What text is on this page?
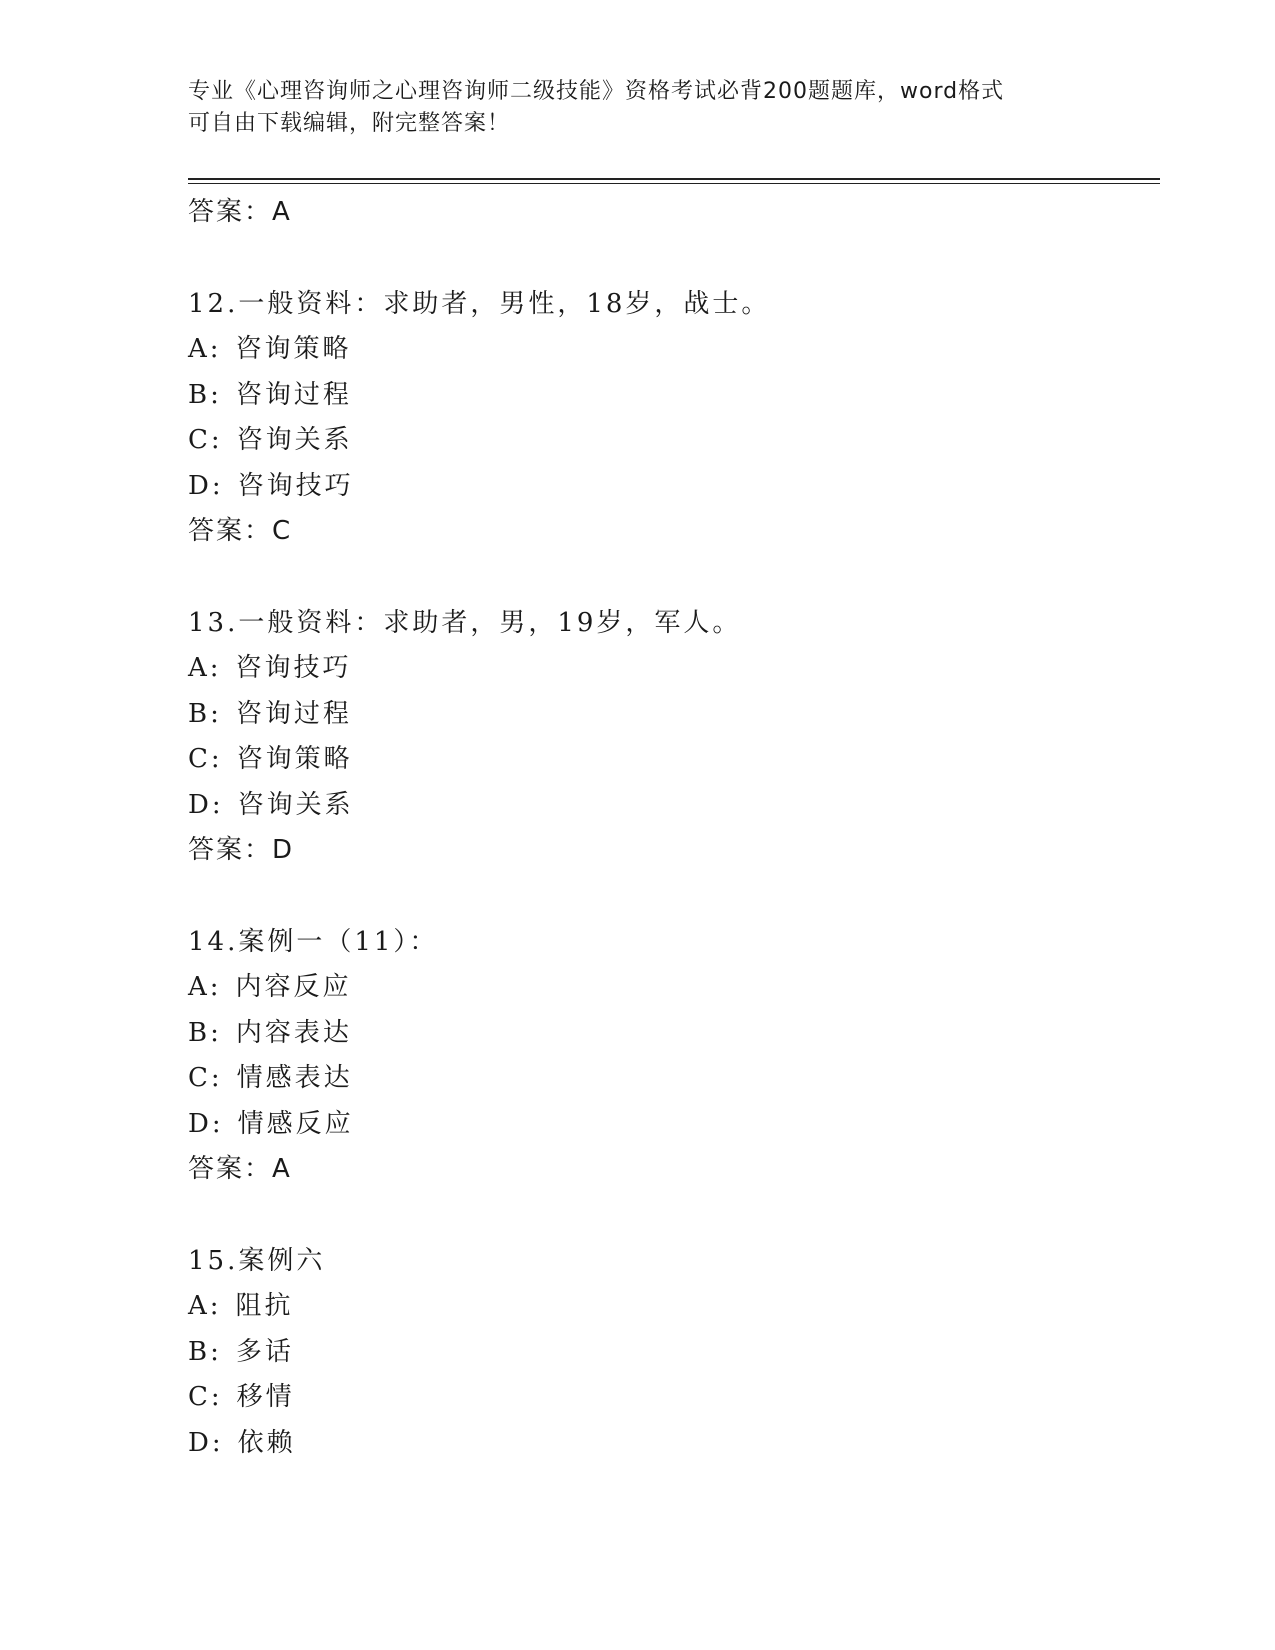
专业《心理咨询师之心理咨询师二级技能》资格考试必背200题题库，word格式
可自由下载编辑，附完整答案！
答案：A
12.一般资料：求助者，男性，18岁，战士。
A: 咨询策略
B: 咨询过程
C: 咨询关系
D: 咨询技巧
答案：C
13.一般资料：求助者，男，19岁，军人。
A: 咨询技巧
B: 咨询过程
C: 咨询策略
D: 咨询关系
答案：D
14.案例一（11）：
A: 内容反应
B: 内容表达
C: 情感表达
D: 情感反应
答案：A
15.案例六
A: 阻抗
B: 多话
C: 移情
D: 依赖
